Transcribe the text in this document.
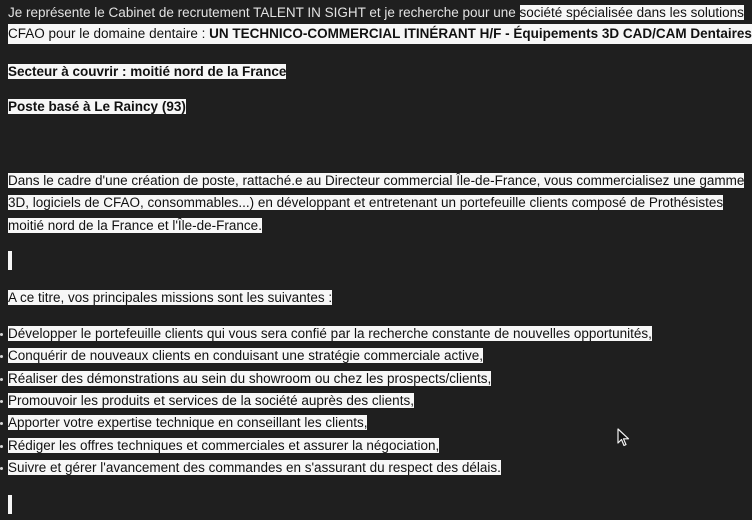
Je représente le Cabinet de recrutement TALENT IN SIGHT et je recherche pour une société spécialisée dans les solutions
CFAO pour le domaine dentaire : UN TECHNICO-COMMERCIAL ITINÉRANT H/F - Équipements 3D CAD/CAM Dentaires
Secteur à couvrir : moitié nord de la France
Poste basé à Le Raincy (93)
Dans le cadre d'une création de poste, rattaché.e au Directeur commercial Île-de-France, vous commercialisez une gamme
3D, logiciels de CFAO, consommables...) en développant et entretenant un portefeuille clients composé de Prothésistes
moitié nord de la France et l'Île-de-France.
A ce titre, vos principales missions sont les suivantes :
Développer le portefeuille clients qui vous sera confié par la recherche constante de nouvelles opportunités,
Conquérir de nouveaux clients en conduisant une stratégie commerciale active,
Réaliser des démonstrations au sein du showroom ou chez les prospects/clients,
Promouvoir les produits et services de la société auprès des clients,
Apporter votre expertise technique en conseillant les clients,
Rédiger les offres techniques et commerciales et assurer la négociation,
Suivre et gérer l'avancement des commandes en s'assurant du respect des délais.
